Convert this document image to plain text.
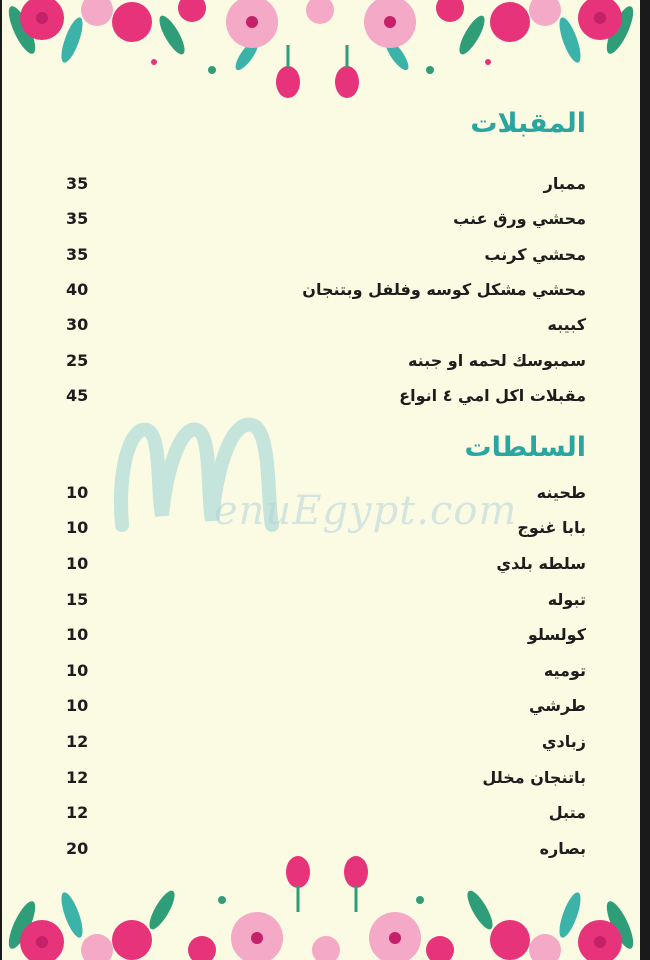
المقبلات
ممبار
35
محشي ورق عنب
35
محشي كرنب
35
محشي مشكل كوسه وفلفل وبتنجان
40
كبيبه
30
سمبوسك لحمه او جبنه
25
مقبلات اكل امي ٤ انواع
45
السلطات
طحينه
10
بابا غنوج
10
سلطه بلدي
10
تبوله
15
كولسلو
10
توميه
10
طرشي
10
زبادي
12
باتنجان مخلل
12
متبل
12
بصاره
20
enuEgypt.com
